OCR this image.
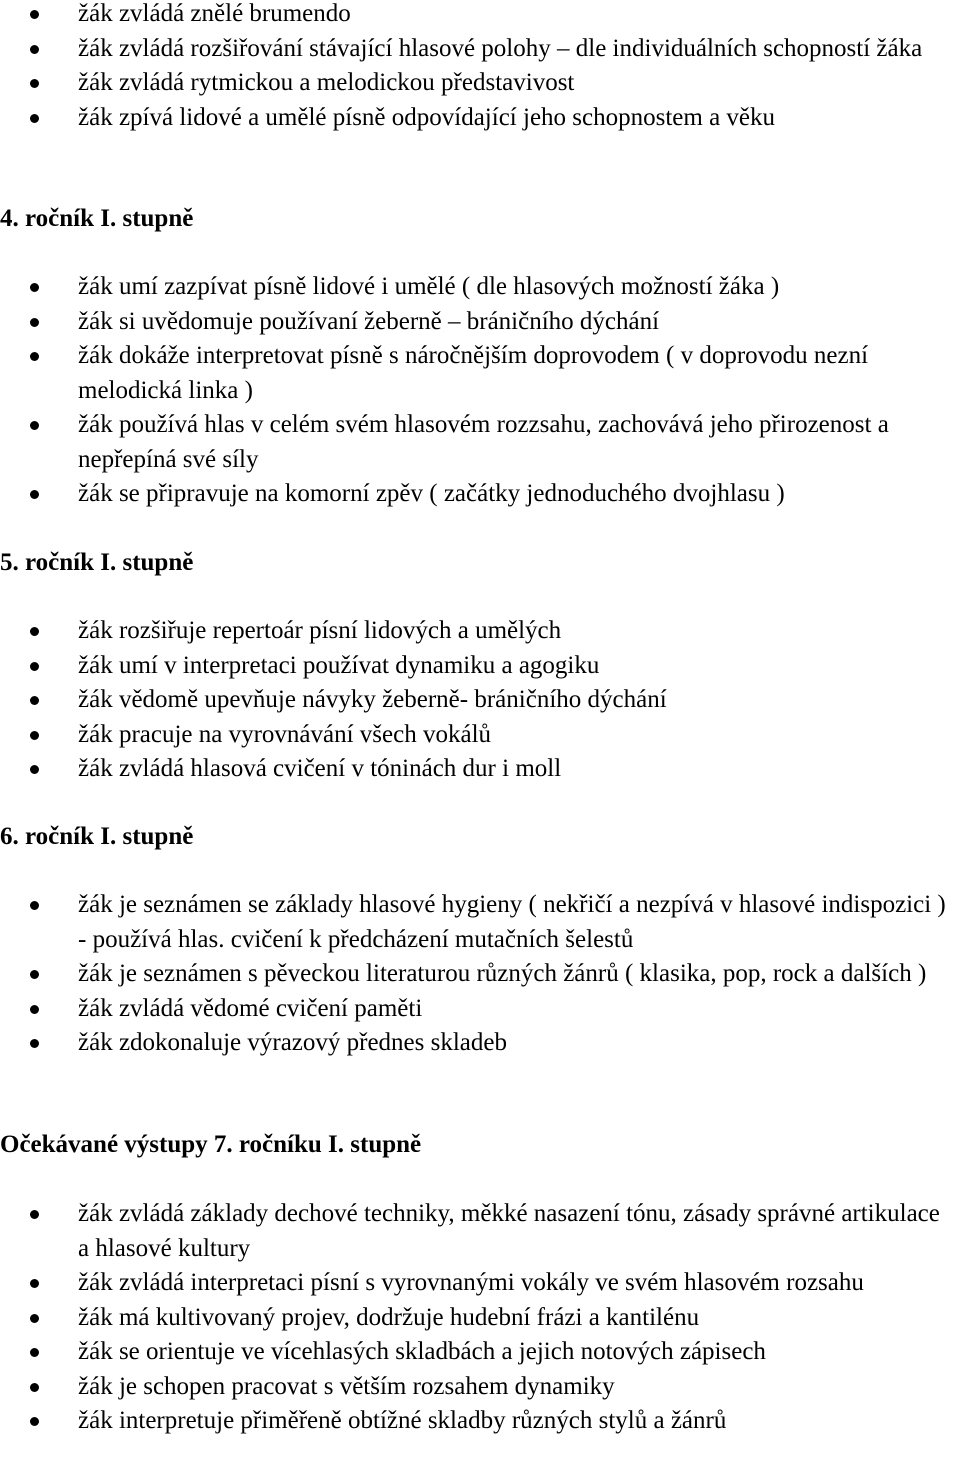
žák zvládá znělé brumendo
žák zvládá rozšiřování stávající hlasové polohy – dle individuálních schopností žáka
žák zvládá rytmickou a melodickou představivost
žák zpívá lidové a umělé písně odpovídající jeho schopnostem a věku
4. ročník I. stupně
žák umí zazpívat písně lidové i umělé ( dle hlasových možností žáka )
žák si uvědomuje používaní žeberně – bráničního dýchání
žák dokáže interpretovat písně s náročnějším doprovodem ( v doprovodu nezní melodická linka )
žák používá hlas v celém svém hlasovém rozzsahu, zachovává jeho přirozenost a nepřepíná své síly
žák se připravuje na komorní zpěv ( začátky jednoduchého dvojhlasu )
5. ročník I. stupně
žák rozšiřuje repertoár písní lidových a umělých
žák umí v interpretaci používat dynamiku a agogiku
žák vědomě upevňuje návyky žeberně- bráničního dýchání
žák pracuje na vyrovnávání všech vokálů
žák zvládá hlasová cvičení v tóninách dur i moll
6. ročník I. stupně
žák je seznámen se základy hlasové hygieny ( nekřičí a nezpívá v hlasové indispozici ) - používá hlas. cvičení k předcházení mutačních šelestů
žák je seznámen s pěveckou literaturou různých žánrů ( klasika, pop, rock a dalších )
žák zvládá vědomé cvičení paměti
žák zdokonaluje výrazový přednes skladeb
Očekávané výstupy 7. ročníku I. stupně
žák zvládá základy dechové techniky, měkké nasazení tónu, zásady správné artikulace a hlasové kultury
žák zvládá interpretaci písní s vyrovnanými vokály ve svém hlasovém rozsahu
žák má kultivovaný projev, dodržuje hudební frázi a kantilénu
žák se orientuje ve vícehlasých skladbách a jejich notových zápisech
žák je schopen pracovat s větším rozsahem dynamiky
žák interpretuje přiměřeně obtížné skladby různých stylů a žánrů
